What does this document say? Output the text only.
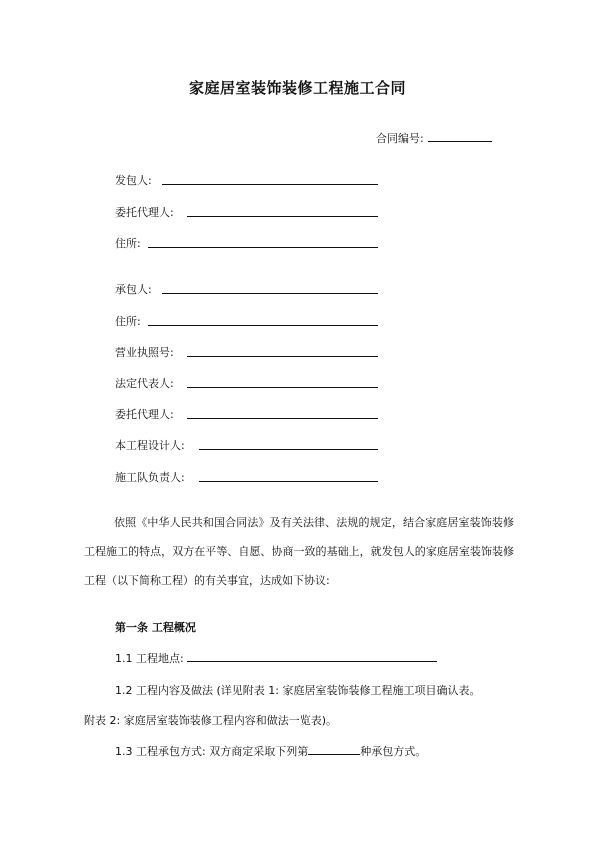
家庭居室装饰装修工程施工合同
合同编号:
发包人:
委托代理人:
住所:
承包人:
住所:
营业执照号:
法定代表人:
委托代理人:
本工程设计人:
施工队负责人:
依照《中华人民共和国合同法》及有关法律、法规的规定，结合家庭居室装饰装修工程施工的特点，双方在平等、自愿、协商一致的基础上，就发包人的家庭居室装饰装修工程（以下简称工程）的有关事宜，达成如下协议:
第一条 工程概况
1.1 工程地点:
1.2 工程内容及做法 (详见附表 1: 家庭居室装饰装修工程施工项目确认表。
附表 2: 家庭居室装饰装修工程内容和做法一览表)。
1.3 工程承包方式: 双方商定采取下列第	种承包方式。
